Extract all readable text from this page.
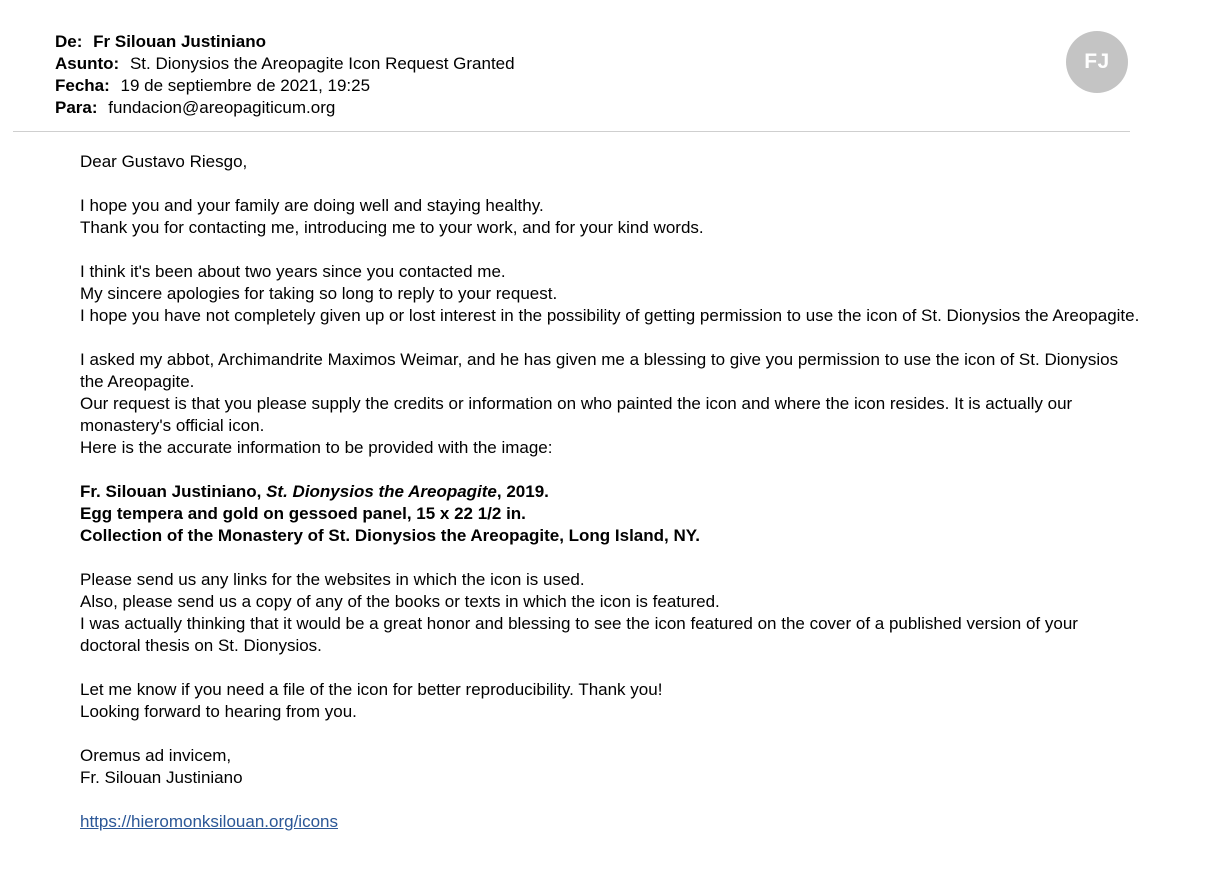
De: Fr Silouan Justiniano
Asunto: St. Dionysios the Areopagite Icon Request Granted
Fecha: 19 de septiembre de 2021, 19:25
Para: fundacion@areopagiticum.org
FJ

Dear Gustavo Riesgo,

I hope you and your family are doing well and staying healthy.

Thank you for contacting me, introducing me to your work, and for your kind words.

I think it's been about two years since you contacted me.

My sincere apologies for taking so long to reply to your request.

I hope you have not completely given up or lost interest in the possibility of getting permission to use the icon of St. Dionysios the Areopagite.

I asked my abbot, Archimandrite Maximos Weimar, and he has given me a blessing to give you permission to use the icon of St. Dionysios the Areopagite.

Our request is that you please supply the credits or information on who painted the icon and where the icon resides. It is actually our monastery's official icon.

Here is the accurate information to be provided with the image:

Fr. Silouan Justiniano, St. Dionysios the Areopagite, 2019.

Egg tempera and gold on gessoed panel, 15 x 22 1/2 in.

Collection of the Monastery of St. Dionysios the Areopagite, Long Island, NY.

Please send us any links for the websites in which the icon is used.

Also, please send us a copy of any of the books or texts in which the icon is featured.

I was actually thinking that it would be a great honor and blessing to see the icon featured on the cover of a published version of your doctoral thesis on St. Dionysios.

Let me know if you need a file of the icon for better reproducibility. Thank you!

Looking forward to hearing from you.

Oremus ad invicem,

Fr. Silouan Justiniano

https://hieromonksilouan.org/icons
